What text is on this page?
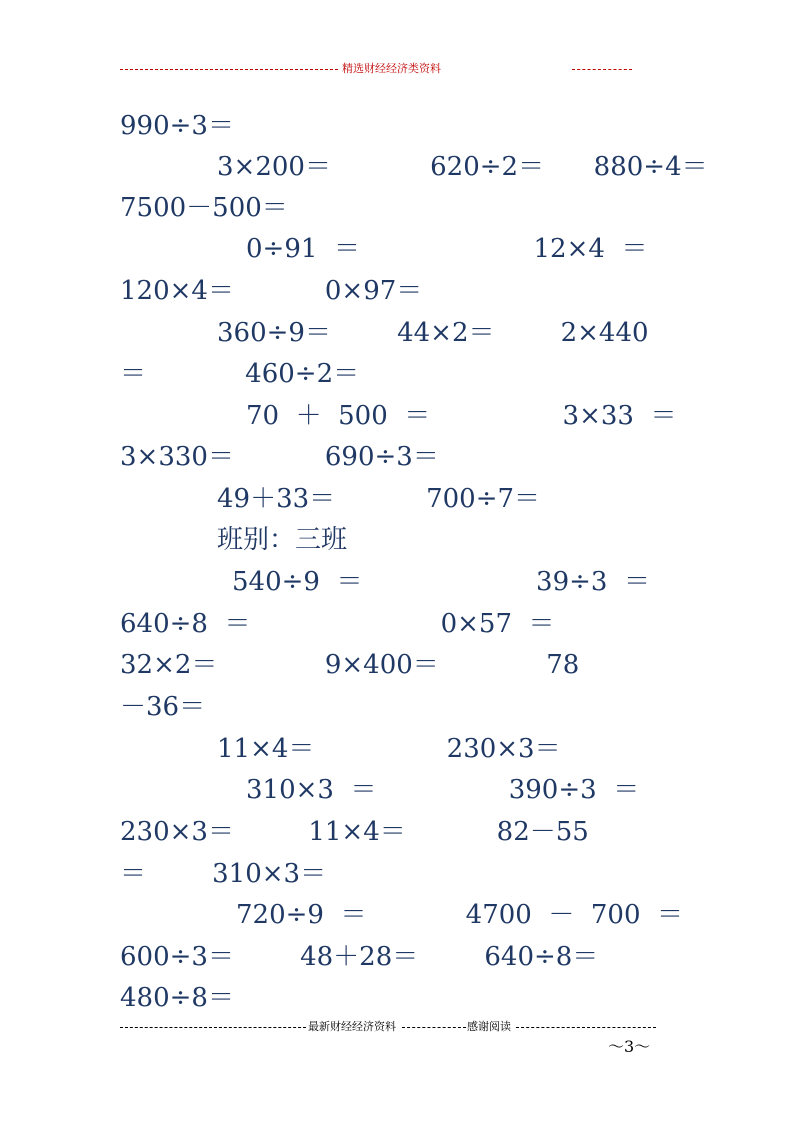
精选财经经济类资料
990÷3＝
3×200＝            620÷2＝      880÷4＝
7500－500＝
0÷91  ＝                     12×4  ＝
120×4＝           0×97＝
360÷9＝        44×2＝        2×440
＝            460÷2＝
70  ＋  500  ＝                3×33  ＝
3×330＝           690÷3＝
49＋33＝           700÷7＝
班别：三班
540÷9  ＝                     39÷3  ＝
640÷8  ＝                       0×57  ＝
32×2＝             9×400＝             78
－36＝
11×4＝                230×3＝
310×3  ＝                390÷3  ＝
230×3＝         11×4＝           82－55
＝        310×3＝
720÷9  ＝            4700  －  700  ＝
600÷3＝        48＋28＝        640÷8＝
480÷8＝
最新财经经济资料	感谢阅读
～3～
